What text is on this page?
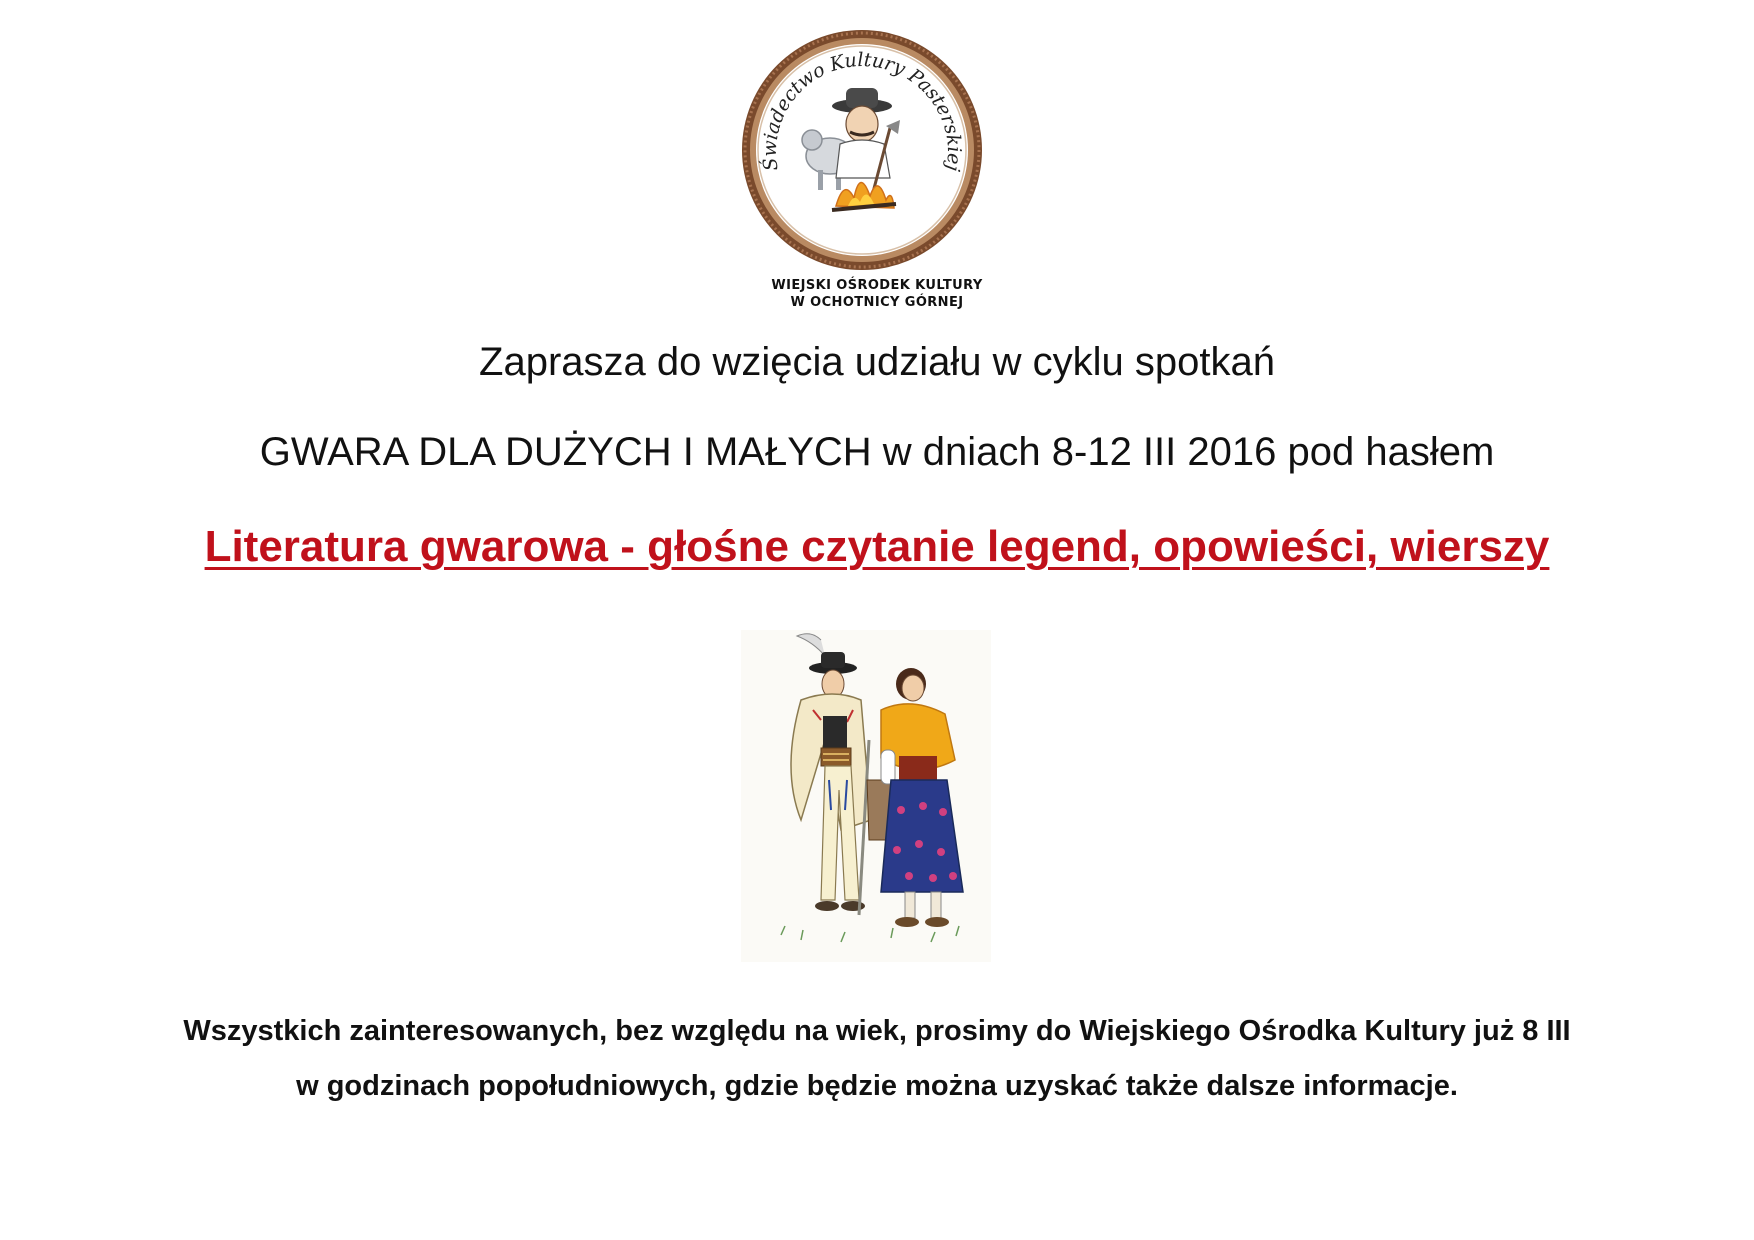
Świadectwo Kultury Pasterskiej
WIEJSKI OŚRODEK KULTURY
W OCHOTNICY GÓRNEJ
Zaprasza do wzięcia udziału w cyklu spotkań
GWARA DLA DUŻYCH I MAŁYCH w dniach 8-12 III 2016 pod hasłem
Literatura gwarowa - głośne czytanie legend, opowieści, wierszy
Wszystkich zainteresowanych, bez względu na wiek, prosimy do Wiejskiego Ośrodka Kultury już 8 III
w godzinach popołudniowych, gdzie będzie można uzyskać także dalsze informacje.
